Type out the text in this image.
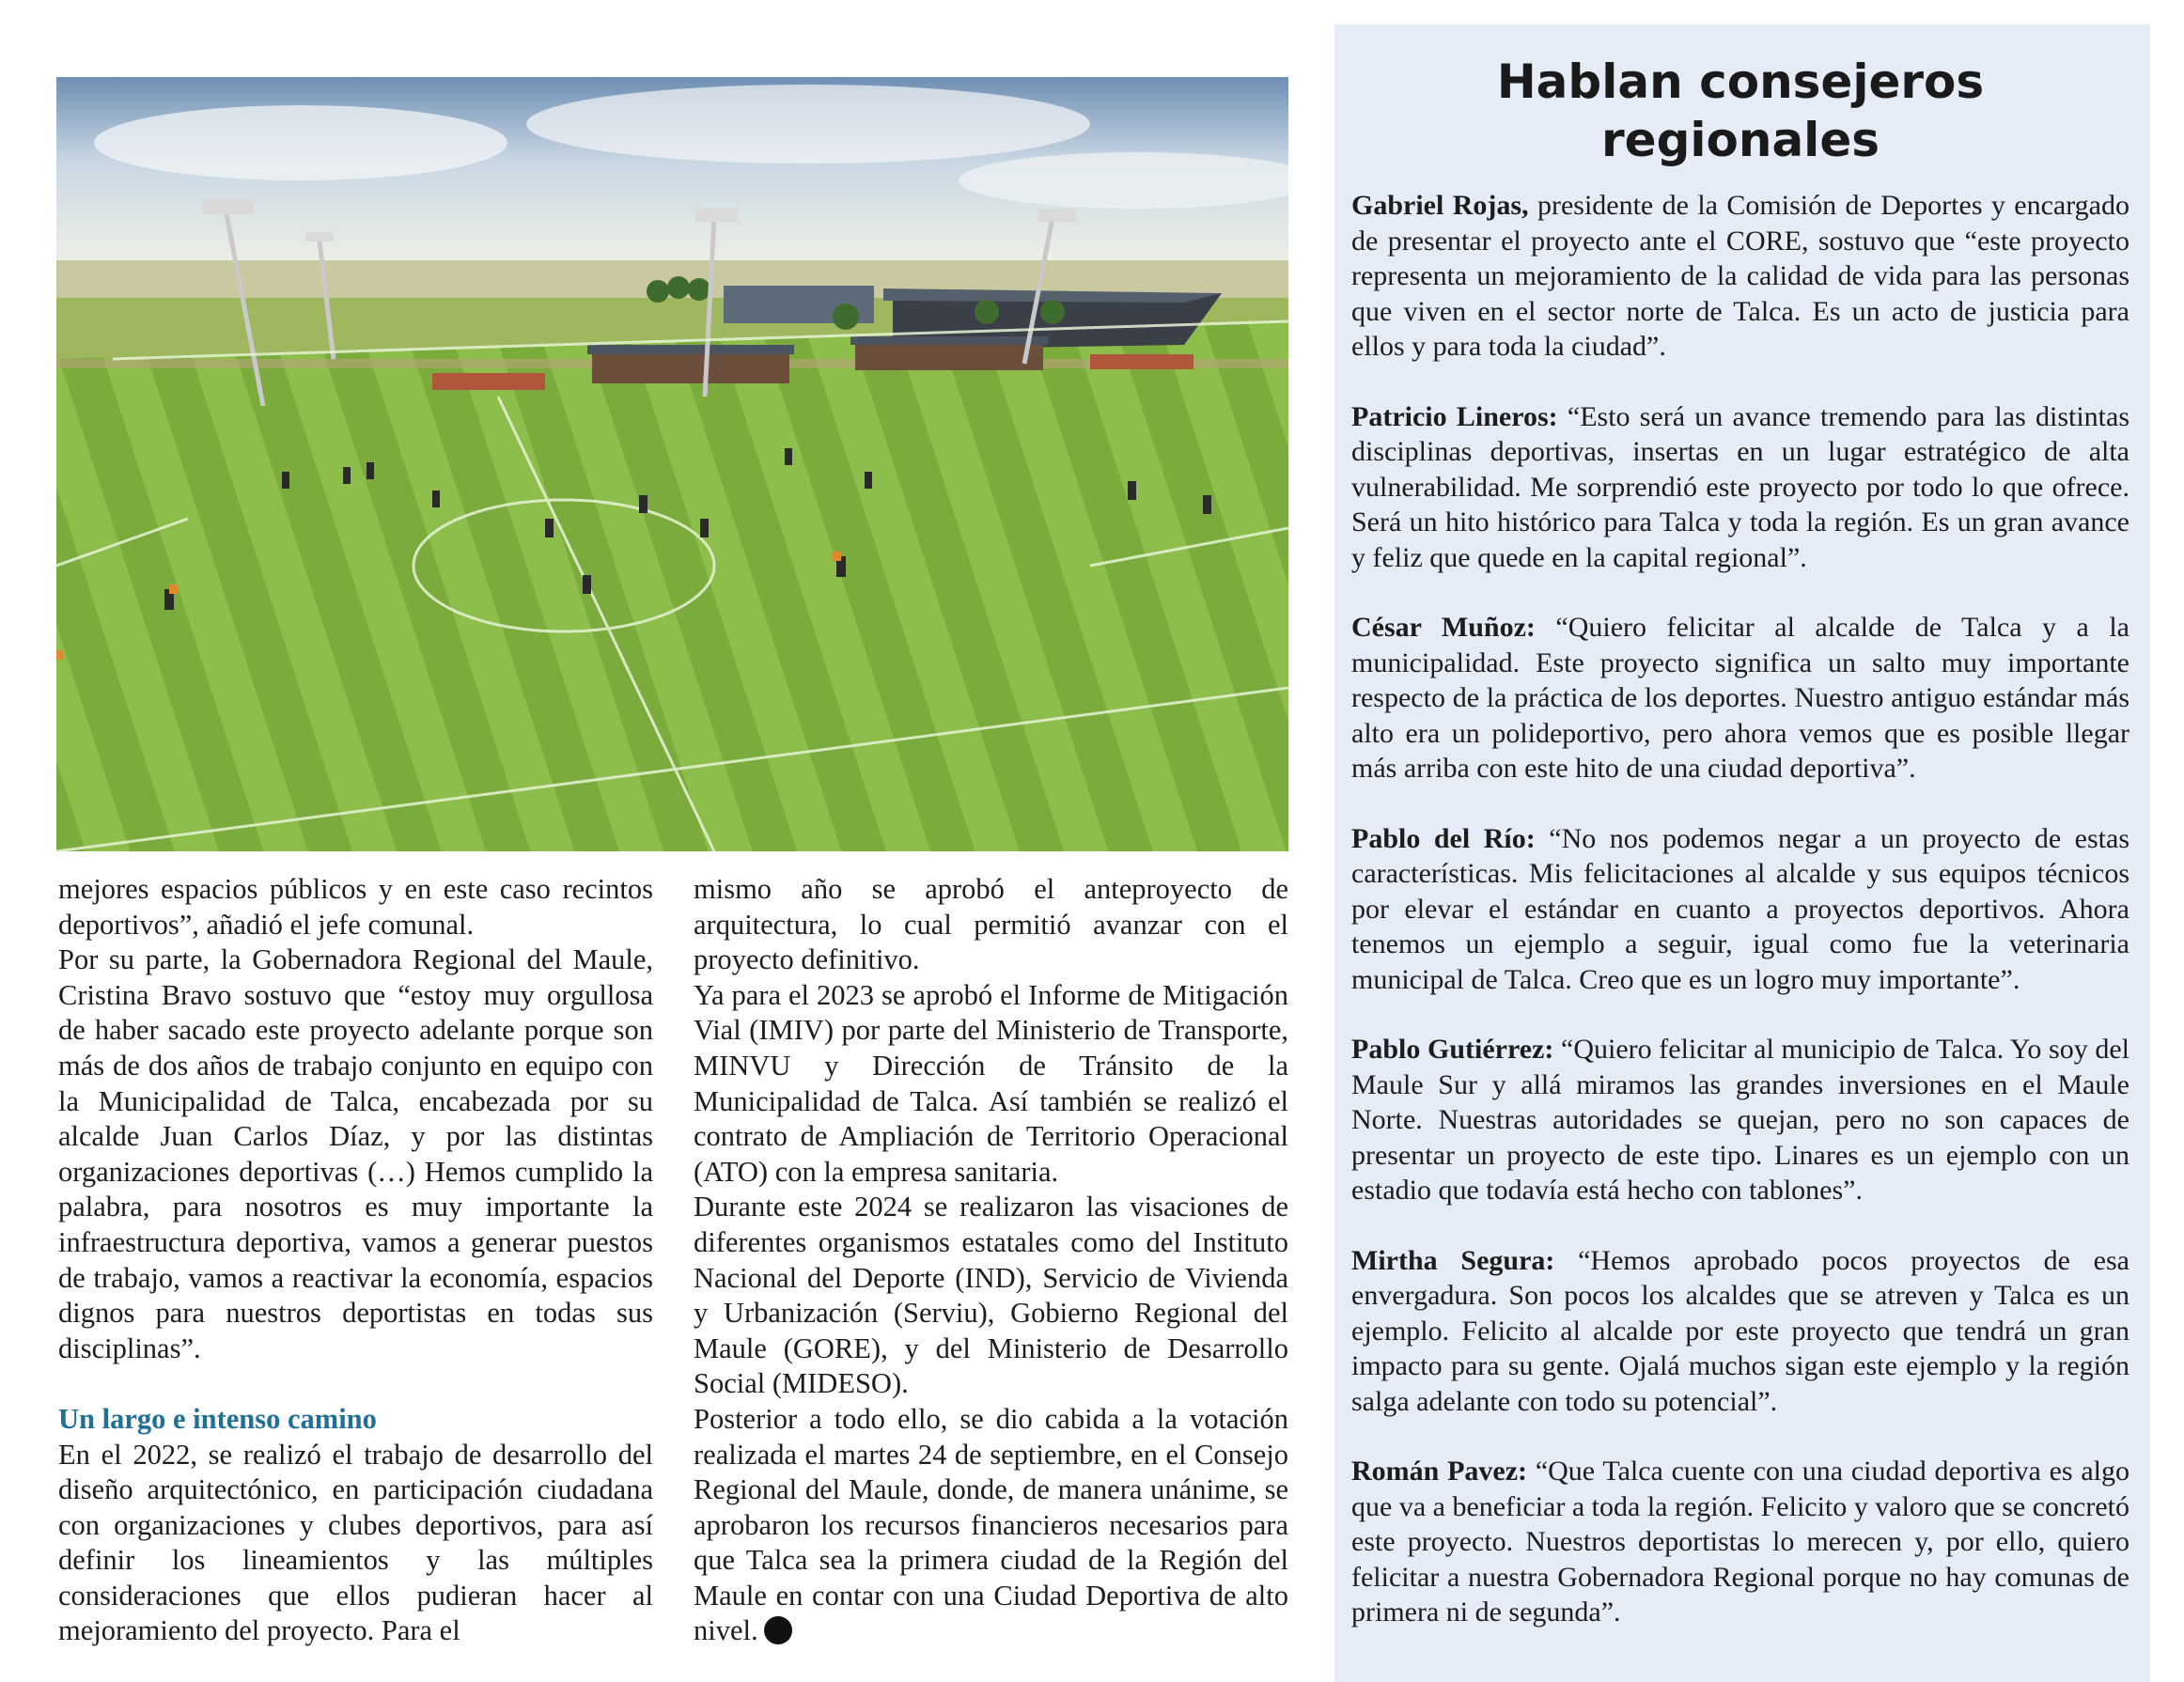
mejores espacios públicos y en este caso recintos deportivos”, añadió el jefe comunal.

Por su parte, la Gobernadora Regional del Maule, Cristina Bravo sostuvo que “estoy muy orgullosa de haber sacado este proyecto adelante porque son más de dos años de trabajo conjunto en equipo con la Municipalidad de Talca, encabezada por su alcalde Juan Carlos Díaz, y por las distintas organizaciones deportivas (…) Hemos cumplido la palabra, para nosotros es muy importante la infraestructura deportiva, vamos a generar puestos de trabajo, vamos a reactivar la economía, espacios dignos para nuestros deportistas en todas sus disciplinas”.

Un largo e intenso camino

En el 2022, se realizó el trabajo de desarrollo del diseño arquitectónico, en participación ciudadana con organizaciones y clubes deportivos, para así definir los lineamientos y las múltiples consideraciones que ellos pudieran hacer al mejoramiento del proyecto. Para el

mismo año se aprobó el anteproyecto de arquitectura, lo cual permitió avanzar con el proyecto definitivo.

Ya para el 2023 se aprobó el Informe de Mitigación Vial (IMIV) por parte del Ministerio de Transporte, MINVU y Dirección de Tránsito de la Municipalidad de Talca. Así también se realizó el contrato de Ampliación de Territorio Operacional (ATO) con la empresa sanitaria.

Durante este 2024 se realizaron las visaciones de diferentes organismos estatales como del Instituto Nacional del Deporte (IND), Servicio de Vivienda y Urbanización (Serviu), Gobierno Regional del Maule (GORE), y del Ministerio de Desarrollo Social (MIDESO).

Posterior a todo ello, se dio cabida a la votación realizada el martes 24 de septiembre, en el Consejo Regional del Maule, donde, de manera unánime, se aprobaron los recursos financieros necesarios para que Talca sea la primera ciudad de la Región del Maule en contar con una Ciudad Deportiva de alto nivel.

Hablan consejeros regionales

Gabriel Rojas, presidente de la Comisión de Deportes y encargado de presentar el proyecto ante el CORE, sostuvo que “este proyecto representa un mejoramiento de la calidad de vida para las personas que viven en el sector norte de Talca. Es un acto de justicia para ellos y para toda la ciudad”.

Patricio Lineros: “Esto será un avance tremendo para las distintas disciplinas deportivas, insertas en un lugar estratégico de alta vulnerabilidad. Me sorprendió este proyecto por todo lo que ofrece. Será un hito histórico para Talca y toda la región. Es un gran avance y feliz que quede en la capital regional”.

César Muñoz: “Quiero felicitar al alcalde de Talca y a la municipalidad. Este proyecto significa un salto muy importante respecto de la práctica de los deportes. Nuestro antiguo estándar más alto era un polideportivo, pero ahora vemos que es posible llegar más arriba con este hito de una ciudad deportiva”.

Pablo del Río: “No nos podemos negar a un proyecto de estas características. Mis felicitaciones al alcalde y sus equipos técnicos por elevar el estándar en cuanto a proyectos deportivos. Ahora tenemos un ejemplo a seguir, igual como fue la veterinaria municipal de Talca. Creo que es un logro muy importante”.

Pablo Gutiérrez: “Quiero felicitar al municipio de Talca. Yo soy del Maule Sur y allá miramos las grandes inversiones en el Maule Norte. Nuestras autoridades se quejan, pero no son capaces de presentar un proyecto de este tipo. Linares es un ejemplo con un estadio que todavía está hecho con tablones”.

Mirtha Segura: “Hemos aprobado pocos proyectos de esa envergadura. Son pocos los alcaldes que se atreven y Talca es un ejemplo. Felicito al alcalde por este proyecto que tendrá un gran impacto para su gente. Ojalá muchos sigan este ejemplo y la región salga adelante con todo su potencial”.

Román Pavez: “Que Talca cuente con una ciudad deportiva es algo que va a beneficiar a toda la región. Felicito y valoro que se concretó este proyecto. Nuestros deportistas lo merecen y, por ello, quiero felicitar a nuestra Gobernadora Regional porque no hay comunas de primera ni de segunda”.
